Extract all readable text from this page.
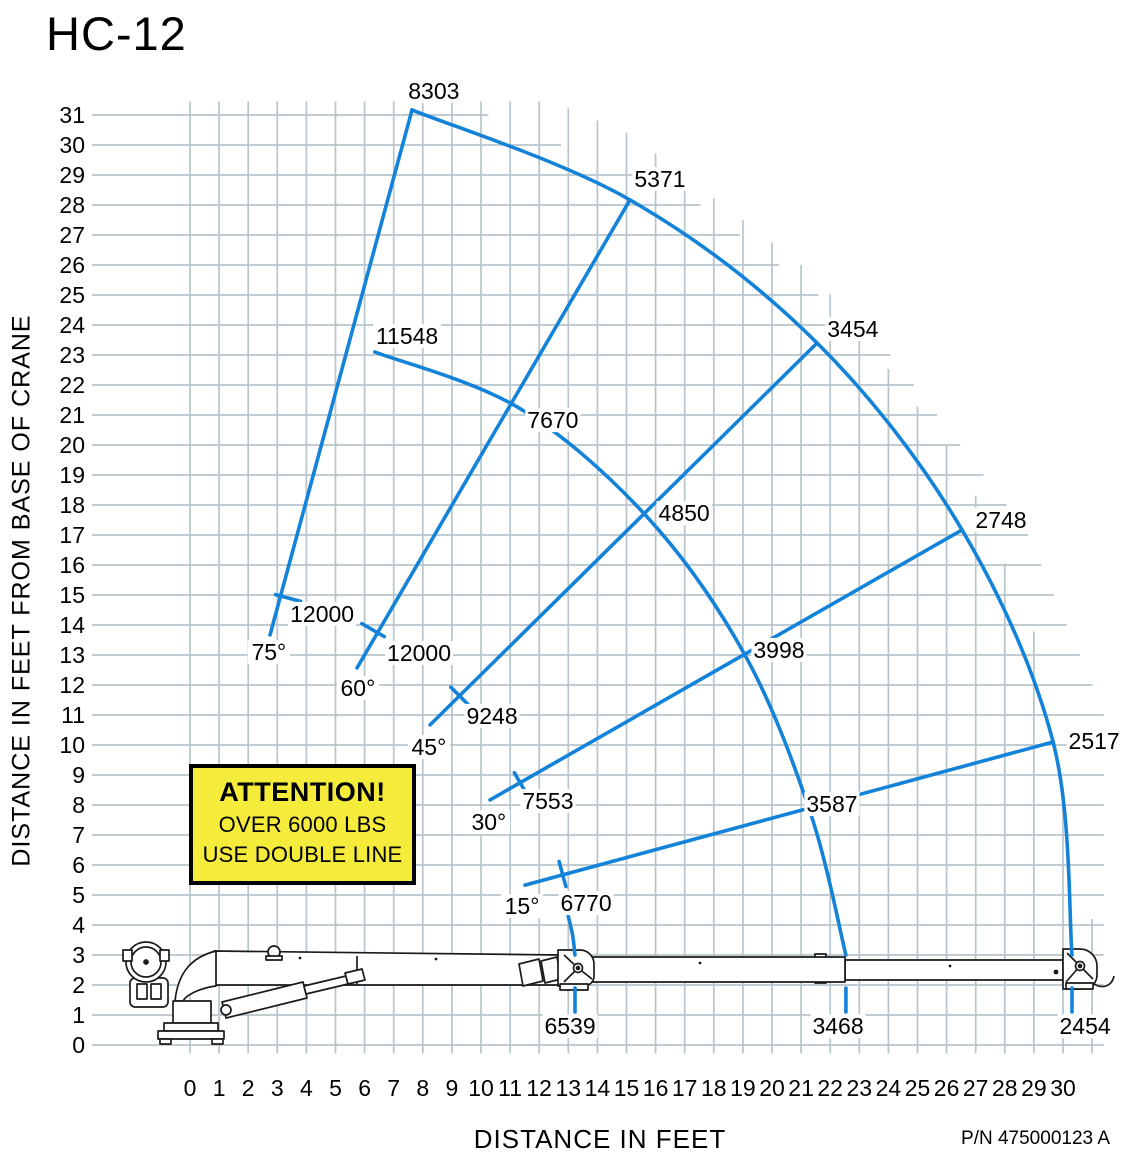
0 1 2 3 4 5 6 7 8 9 10 11 12 13 14 15 16 17 18 19 20 21 22 23 24 25 26 27 28 29 30
0
1
2
3
4
5
6
7
8
9
10
11
12
13
14
15
16
17
18
19
20
21
22
23
24
25
26
27
28
29
30
31
8303
5371
3454
2748
2517
11548
7670
4850
3998
3587
12000
12000
9248
7553
6770
6539	3468	2454
75°
60°
45°
30°
15°
HC-12
DISTANCE IN FEET FROM BASE OF CRANE
DISTANCE IN FEET
ATTENTION!
OVER 6000 LBS
USE DOUBLE LINE
P/N 475000123 A
